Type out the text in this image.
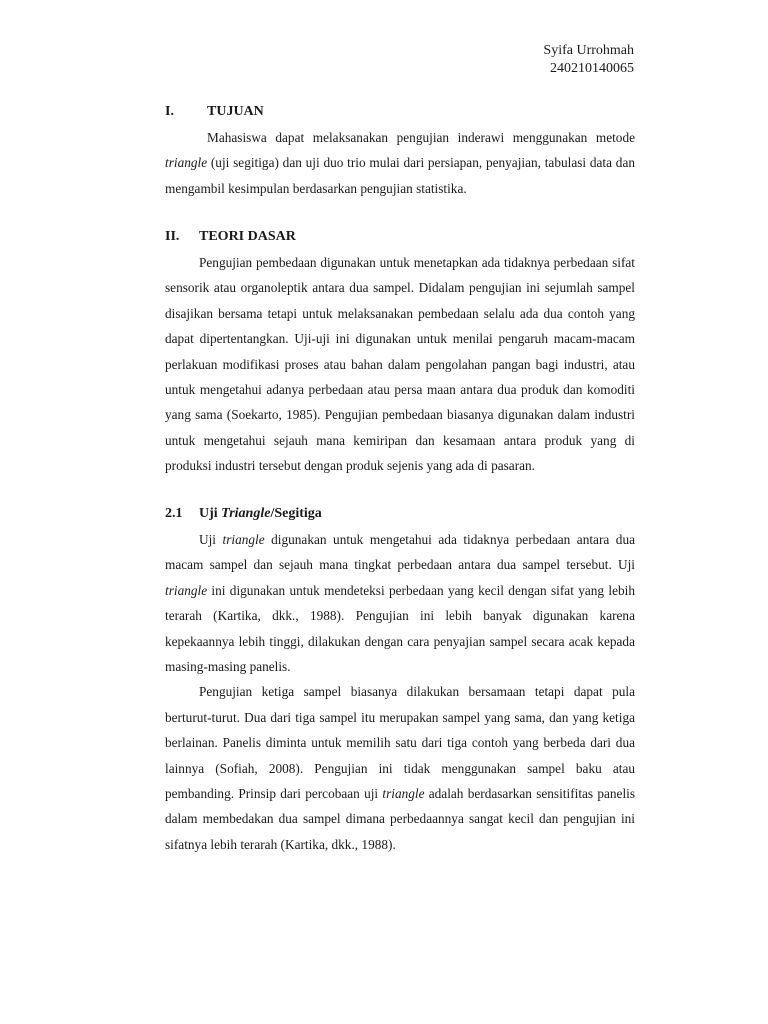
Syifa Urrohmah
240210140065
I. TUJUAN

Mahasiswa dapat melaksanakan pengujian inderawi menggunakan metode triangle (uji segitiga) dan uji duo trio mulai dari persiapan, penyajian, tabulasi data dan mengambil kesimpulan berdasarkan pengujian statistika.

II. TEORI DASAR

Pengujian pembedaan digunakan untuk menetapkan ada tidaknya perbedaan sifat sensorik atau organoleptik antara dua sampel. Didalam pengujian ini sejumlah sampel disajikan bersama tetapi untuk melaksanakan pembedaan selalu ada dua contoh yang dapat dipertentangkan. Uji-uji ini digunakan untuk menilai pengaruh macam-macam perlakuan modifikasi proses atau bahan dalam pengolahan pangan bagi industri, atau untuk mengetahui adanya perbedaan atau persa maan antara dua produk dan komoditi yang sama (Soekarto, 1985). Pengujian pembedaan biasanya digunakan dalam industri untuk mengetahui sejauh mana kemiripan dan kesamaan antara produk yang di produksi industri tersebut dengan produk sejenis yang ada di pasaran.

2.1 Uji Triangle/Segitiga

Uji triangle digunakan untuk mengetahui ada tidaknya perbedaan antara dua macam sampel dan sejauh mana tingkat perbedaan antara dua sampel tersebut. Uji triangle ini digunakan untuk mendeteksi perbedaan yang kecil dengan sifat yang lebih terarah (Kartika, dkk., 1988). Pengujian ini lebih banyak digunakan karena kepekaannya lebih tinggi, dilakukan dengan cara penyajian sampel secara acak kepada masing-masing panelis.

Pengujian ketiga sampel biasanya dilakukan bersamaan tetapi dapat pula berturut-turut. Dua dari tiga sampel itu merupakan sampel yang sama, dan yang ketiga berlainan. Panelis diminta untuk memilih satu dari tiga contoh yang berbeda dari dua lainnya (Sofiah, 2008). Pengujian ini tidak menggunakan sampel baku atau pembanding. Prinsip dari percobaan uji triangle adalah berdasarkan sensitifitas panelis dalam membedakan dua sampel dimana perbedaannya sangat kecil dan pengujian ini sifatnya lebih terarah (Kartika, dkk., 1988).
